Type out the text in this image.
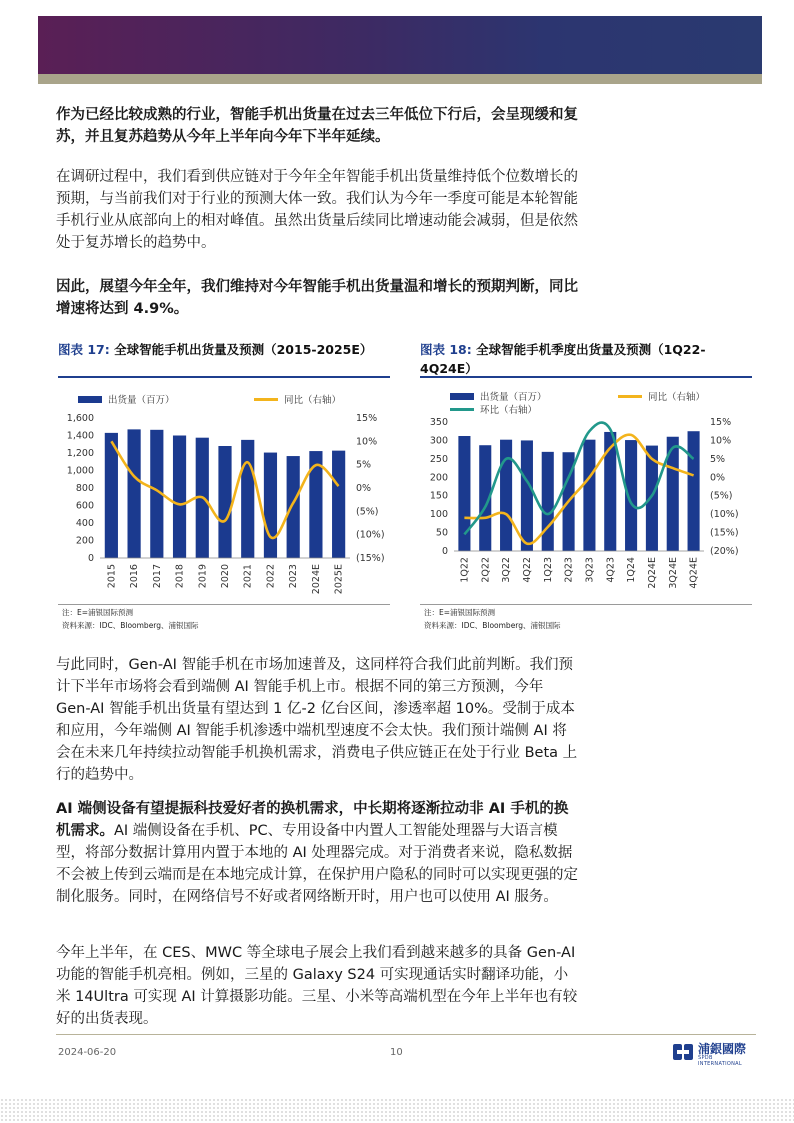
作为已经比较成熟的行业，智能手机出货量在过去三年低位下行后，会呈现缓和复苏，并且复苏趋势从今年上半年向今年下半年延续。

在调研过程中，我们看到供应链对于今年全年智能手机出货量维持低个位数增长的预期，与当前我们对于行业的预测大体一致。我们认为今年一季度可能是本轮智能手机行业从底部向上的相对峰值。虽然出货量后续同比增速动能会减弱，但是依然处于复苏增长的趋势中。

因此，展望今年全年，我们维持对今年智能手机出货量温和增长的预期判断，同比增速将达到 4.9%。

图表 17: 全球智能手机出货量及预测（2015-2025E）	图表 18: 全球智能手机季度出货量及预测（1Q22-4Q24E）
出货量（百万）	同比（右轴）
0
200
400
600
800
1,000
1,200
1,400
1,600
(15%)
(10%)
(5%)
0%
5%
10%
15%
2015 2016 2017 2018 2019 2020 2021 2022 2023 2024E 2025E
出货量（百万）	同比（右轴）
环比（右轴）
0
50
100
150
200
250
300
350
(20%)
(15%)
(10%)
(5%)
0%
5%
10%
15%
1Q22 2Q22 3Q22 4Q22 1Q23 2Q23 3Q23 4Q23 1Q24 2Q24E 3Q24E 4Q24E
注：E=浦银国际预测
资料来源：IDC、Bloomberg、浦银国际
注：E=浦银国际预测
资料来源：IDC、Bloomberg、浦银国际

与此同时，Gen-AI 智能手机在市场加速普及，这同样符合我们此前判断。我们预计下半年市场将会看到端侧 AI 智能手机上市。根据不同的第三方预测，今年 Gen-AI 智能手机出货量有望达到 1 亿-2 亿台区间，渗透率超 10%。受制于成本和应用，今年端侧 AI 智能手机渗透中端机型速度不会太快。我们预计端侧 AI 将会在未来几年持续拉动智能手机换机需求，消费电子供应链正在处于行业 Beta 上行的趋势中。

AI 端侧设备有望提振科技爱好者的换机需求，中长期将逐渐拉动非 AI 手机的换机需求。AI 端侧设备在手机、PC、专用设备中内置人工智能处理器与大语言模型，将部分数据计算用内置于本地的 AI 处理器完成。对于消费者来说，隐私数据不会被上传到云端而是在本地完成计算，在保护用户隐私的同时可以实现更强的定制化服务。同时，在网络信号不好或者网络断开时，用户也可以使用 AI 服务。

今年上半年，在 CES、MWC 等全球电子展会上我们看到越来越多的具备 Gen-AI 功能的智能手机亮相。例如，三星的 Galaxy S24 可实现通话实时翻译功能，小米 14Ultra 可实现 AI 计算摄影功能。三星、小米等高端机型在今年上半年也有较好的出货表现。

2024-06-20	10	浦銀國際
SPDB INTERNATIONAL
